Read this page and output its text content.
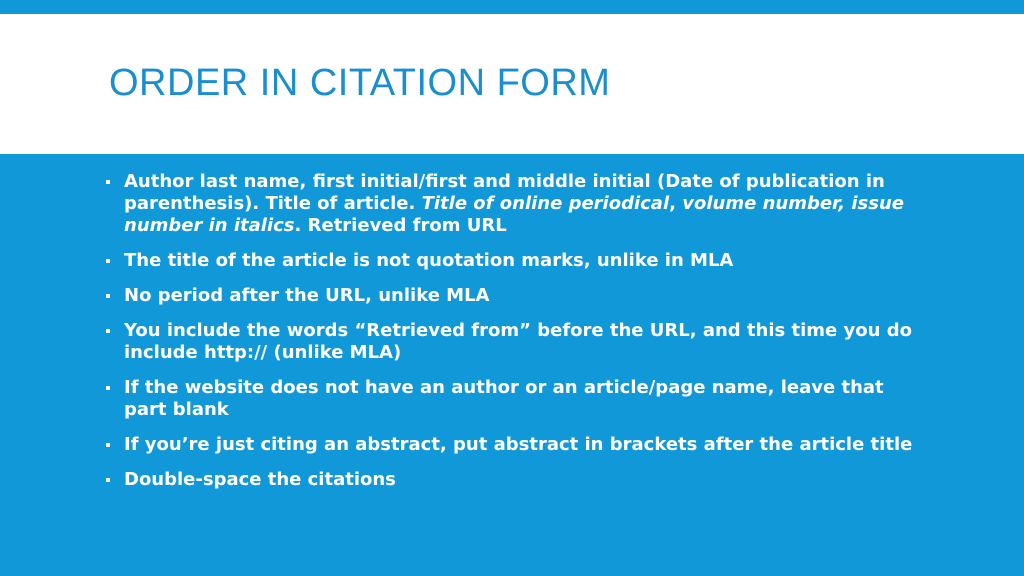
ORDER IN CITATION FORM
Author last name, first initial/first and middle initial (Date of publication in parenthesis). Title of article. Title of online periodical, volume number, issue number in italics. Retrieved from URL
The title of the article is not quotation marks, unlike in MLA
No period after the URL, unlike MLA
You include the words “Retrieved from” before the URL, and this time you do include http:// (unlike MLA)
If the website does not have an author or an article/page name, leave that part blank
If you’re just citing an abstract, put abstract in brackets after the article title
Double-space the citations
